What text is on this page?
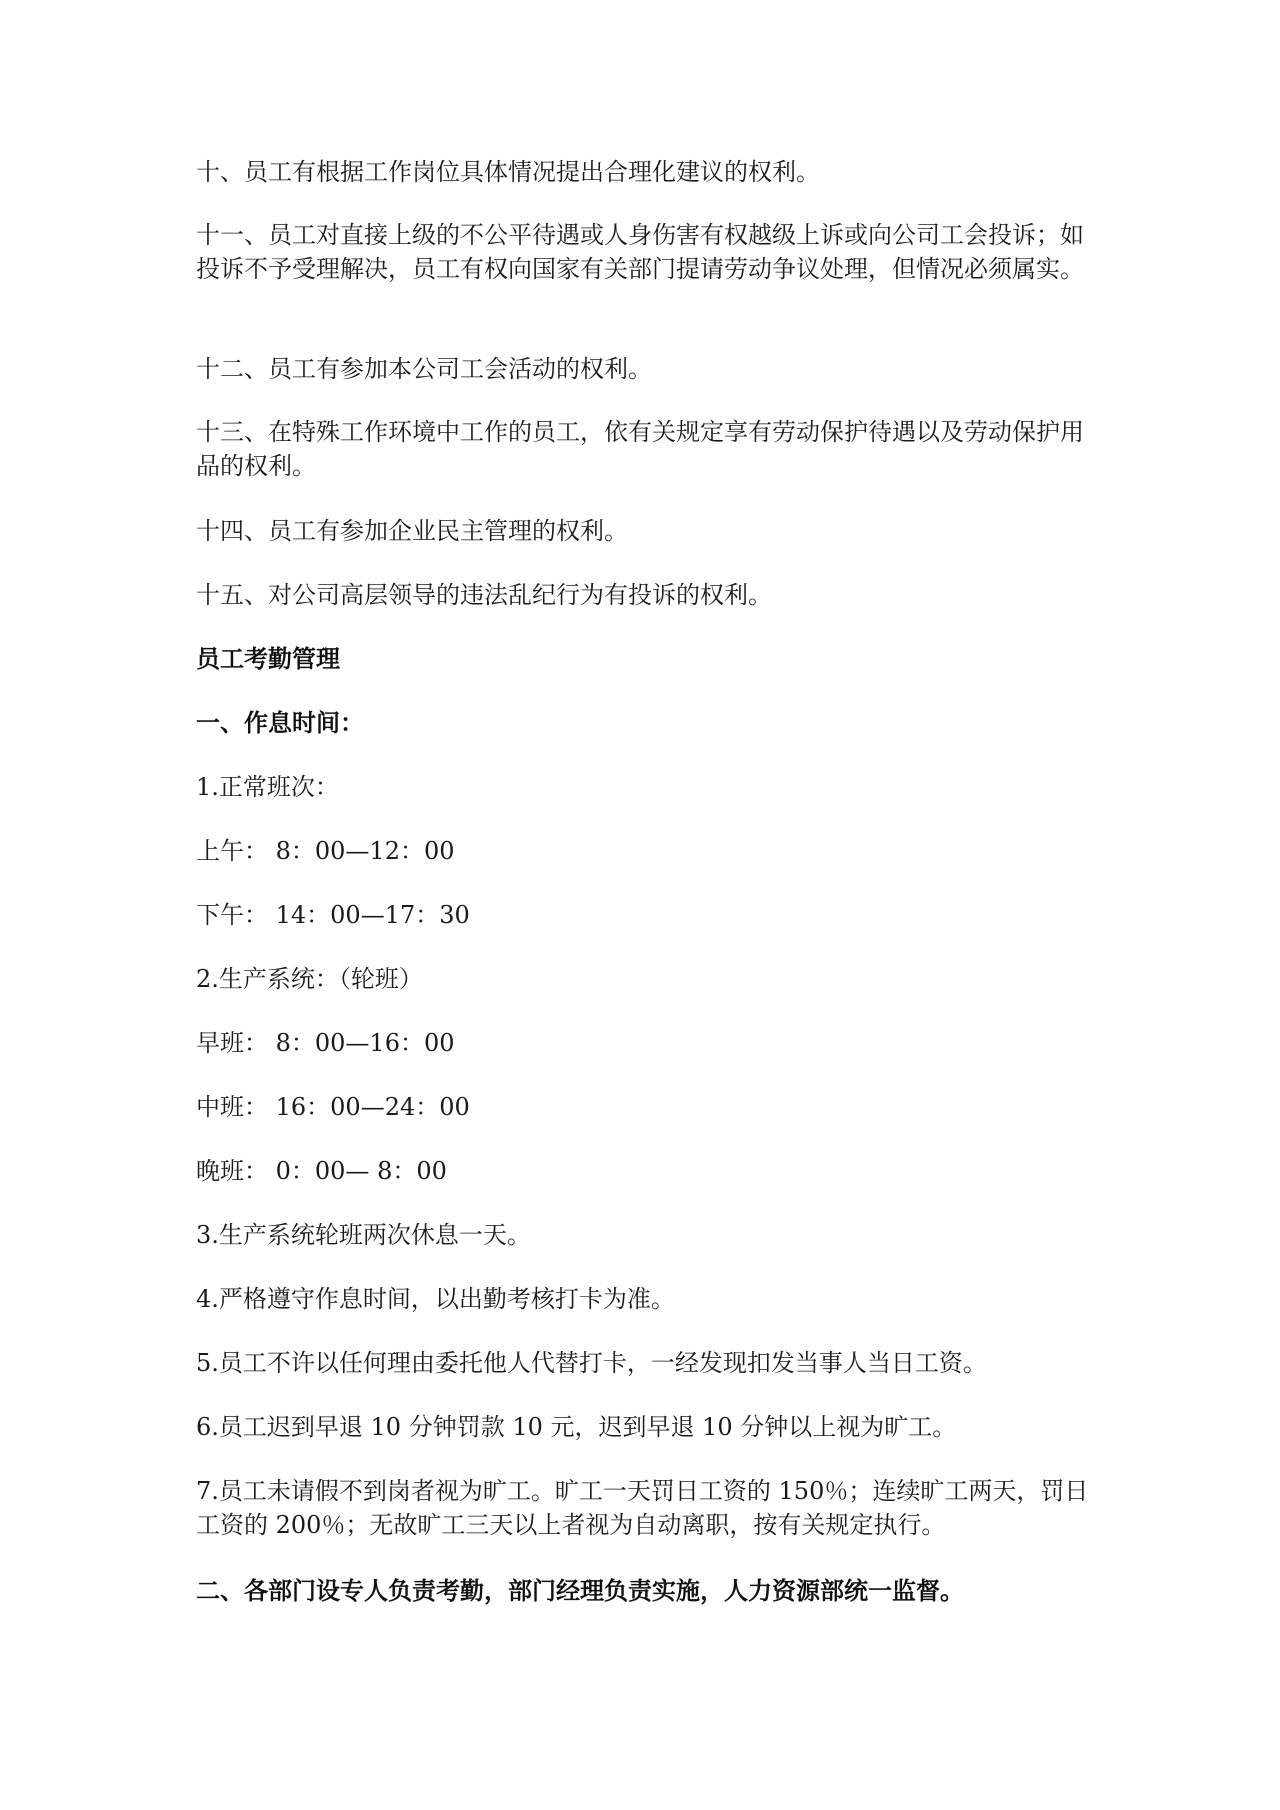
十、员工有根据工作岗位具体情况提出合理化建议的权利。

十一、员工对直接上级的不公平待遇或人身伤害有权越级上诉或向公司工会投诉；如投诉不予受理解决，员工有权向国家有关部门提请劳动争议处理，但情况必须属实。

十二、员工有参加本公司工会活动的权利。

十三、在特殊工作环境中工作的员工，依有关规定享有劳动保护待遇以及劳动保护用品的权利。

十四、员工有参加企业民主管理的权利。

十五、对公司高层领导的违法乱纪行为有投诉的权利。

员工考勤管理

一、作息时间：

1.正常班次：

上午： 8：00—12：00

下午： 14：00—17：30

2.生产系统：（轮班）

早班： 8：00—16：00

中班： 16：00—24：00

晚班： 0：00— 8：00

3.生产系统轮班两次休息一天。

4.严格遵守作息时间，以出勤考核打卡为准。

5.员工不许以任何理由委托他人代替打卡，一经发现扣发当事人当日工资。

6.员工迟到早退 10 分钟罚款 10 元，迟到早退 10 分钟以上视为旷工。

7.员工未请假不到岗者视为旷工。旷工一天罚日工资的 150％；连续旷工两天，罚日工资的 200％；无故旷工三天以上者视为自动离职，按有关规定执行。

二、各部门设专人负责考勤，部门经理负责实施，人力资源部统一监督。
